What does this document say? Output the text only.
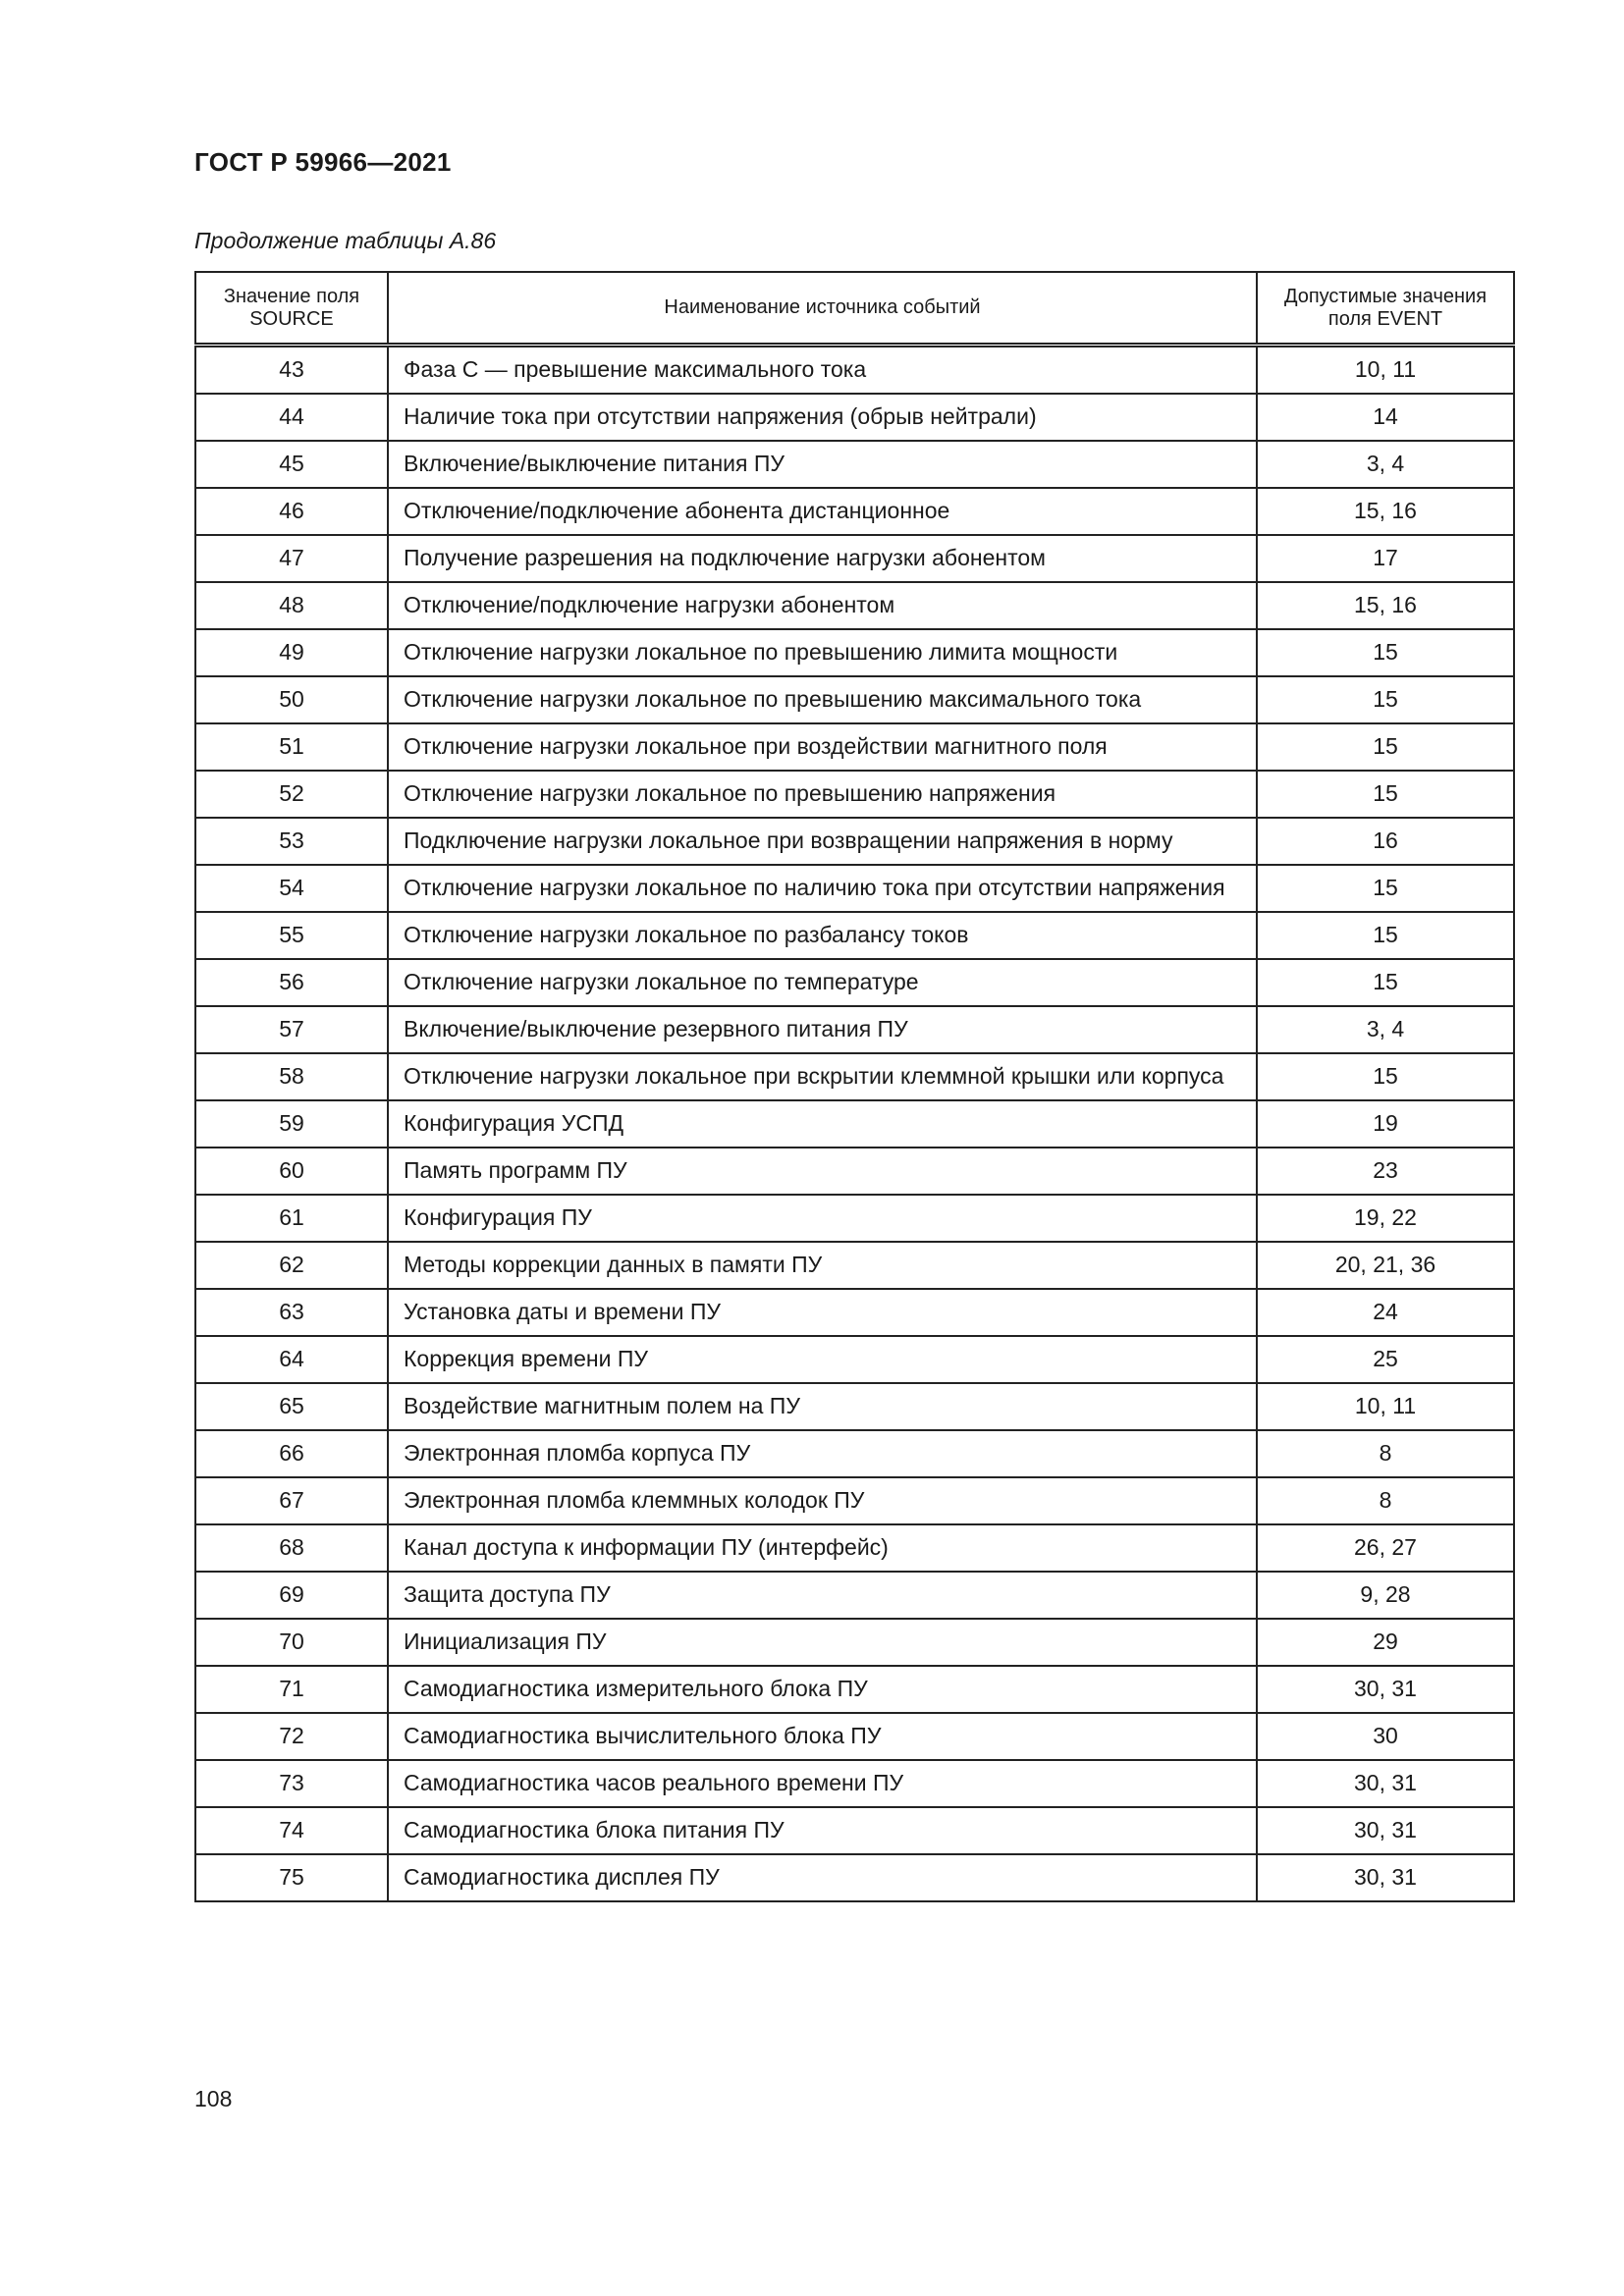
ГОСТ Р 59966—2021
Продолжение таблицы А.86
Значение поля SOURCE	Наименование источника событий	Допустимые значения поля EVENT
43	Фаза С — превышение максимального тока	10, 11
44	Наличие тока при отсутствии напряжения (обрыв нейтрали)	14
45	Включение/выключение питания ПУ	3, 4
46	Отключение/подключение абонента дистанционное	15, 16
47	Получение разрешения на подключение нагрузки абонентом	17
48	Отключение/подключение нагрузки абонентом	15, 16
49	Отключение нагрузки локальное по превышению лимита мощности	15
50	Отключение нагрузки локальное по превышению максимального тока	15
51	Отключение нагрузки локальное при воздействии магнитного поля	15
52	Отключение нагрузки локальное по превышению напряжения	15
53	Подключение нагрузки локальное при возвращении напряжения в норму	16
54	Отключение нагрузки локальное по наличию тока при отсутствии напряжения	15
55	Отключение нагрузки локальное по разбалансу токов	15
56	Отключение нагрузки локальное по температуре	15
57	Включение/выключение резервного питания ПУ	3, 4
58	Отключение нагрузки локальное при вскрытии клеммной крышки или корпуса	15
59	Конфигурация УСПД	19
60	Память программ ПУ	23
61	Конфигурация ПУ	19, 22
62	Методы коррекции данных в памяти ПУ	20, 21, 36
63	Установка даты и времени ПУ	24
64	Коррекция времени ПУ	25
65	Воздействие магнитным полем на ПУ	10, 11
66	Электронная пломба корпуса ПУ	8
67	Электронная пломба клеммных колодок ПУ	8
68	Канал доступа к информации ПУ (интерфейс)	26, 27
69	Защита доступа ПУ	9, 28
70	Инициализация ПУ	29
71	Самодиагностика измерительного блока ПУ	30, 31
72	Самодиагностика вычислительного блока ПУ	30
73	Самодиагностика часов реального времени ПУ	30, 31
74	Самодиагностика блока питания ПУ	30, 31
75	Самодиагностика дисплея ПУ	30, 31
108
